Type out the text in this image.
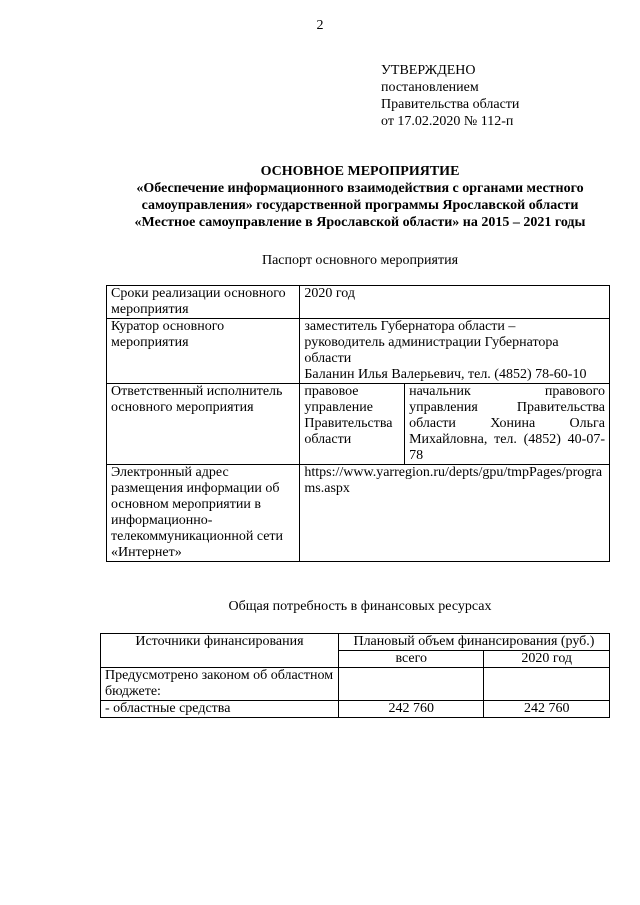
2
УТВЕРЖДЕНО
постановлением
Правительства области
от 17.02.2020 № 112-п
ОСНОВНОЕ МЕРОПРИЯТИЕ
«Обеспечение информационного взаимодействия с органами местного
самоуправления» государственной программы Ярославской области
«Местное самоуправление в Ярославской области» на 2015 – 2021 годы
Паспорт основного мероприятия
Сроки реализации основного мероприятия	2020 год	
Куратор основного мероприятия	заместитель Губернатора области –
руководитель администрации Губернатора
области
Баланин Илья Валерьевич, тел. (4852) 78-60-10	

Ответственный исполнитель основного мероприятия	правовое управление Правительства области	начальник правового управления Правительства области Хонина Ольга Михайловна, тел. (4852) 40-07-78
Электронный адрес размещения информации об основном мероприятии в информационно-телекоммуникационной сети «Интернет»	https://www.yarregion.ru/depts/gpu/tmpPages/programs.aspx	
Общая потребность в финансовых ресурсах
Источники финансирования	Плановый объем финансирования (руб.)	
	всего	2020 год
Предусмотрено законом об областном бюджете:		
- областные средства	242 760	242 760
